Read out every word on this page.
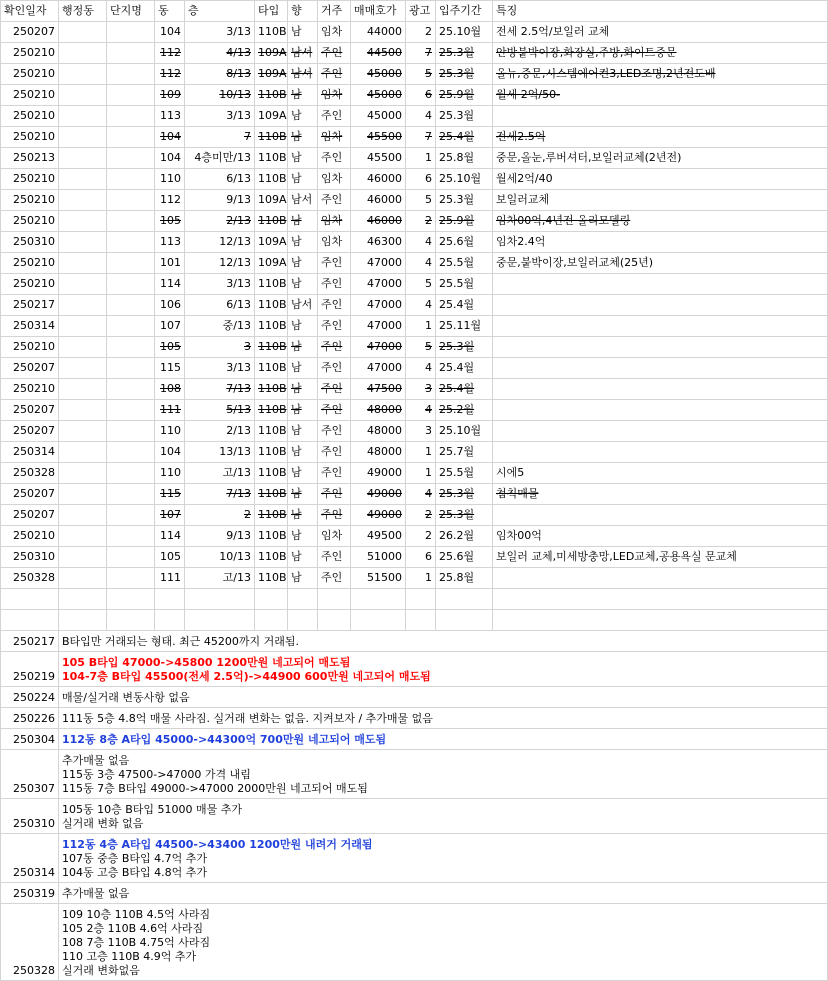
확인일자	행정동	단지명	동	층	타입	향	거주	매매호가	광고	입주기간	특징
250207			104	3/13	110B	남	임차	44000	2	25.10월	전세 2.5억/보일러 교체
250210			112	4/13	109A	남서	주인	44500	7	25.3월	안방붙박이장,화장실,주방,화이트중문
250210			112	8/13	109A	남서	주인	45000	5	25.3월	올뉴,중문,시스템에어컨3,LED조명,2년전도배
250210			109	10/13	110B	남	임차	45000	6	25.9월	월세 2억/50-
250210			113	3/13	109A	남	주인	45000	4	25.3월	
250210			104	7	110B	남	임차	45500	7	25.4월	전세2.5억
250213			104	4층미만/13	110B	남	주인	45500	1	25.8월	중문,올눈,루버셔터,보일러교체(2년전)
250210			110	6/13	110B	남	임차	46000	6	25.10월	월세2억/40
250210			112	9/13	109A	남서	주인	46000	5	25.3월	보일러교체
250210			105	2/13	110B	남	임차	46000	2	25.9월	임차00억,4년전 올리모델링
250310			113	12/13	109A	남	임차	46300	4	25.6월	임차2.4억
250210			101	12/13	109A	남	주인	47000	4	25.5월	중문,붙박이장,보일러교체(25년)
250210			114	3/13	110B	남	주인	47000	5	25.5월	
250217			106	6/13	110B	남서	주인	47000	4	25.4월	
250314			107	중/13	110B	남	주인	47000	1	25.11월	
250210			105	3	110B	남	주인	47000	5	25.3월	
250207			115	3/13	110B	남	주인	47000	4	25.4월	
250210			108	7/13	110B	남	주인	47500	3	25.4월	
250207			111	5/13	110B	남	주인	48000	4	25.2월	
250207			110	2/13	110B	남	주인	48000	3	25.10월	
250314			104	13/13	110B	남	주인	48000	1	25.7월	
250328			110	고/13	110B	남	주인	49000	1	25.5월	시에5
250207			115	7/13	110B	남	주인	49000	4	25.3월	첨칙매물
250207			107	2	110B	남	주인	49000	2	25.3월	
250210			114	9/13	110B	남	임차	49500	2	26.2월	임차00억
250310			105	10/13	110B	남	주인	51000	6	25.6월	보일러 교체,미세방충망,LED교체,공용욕실 문교체
250328			111	고/13	110B	남	주인	51500	1	25.8월	

250217	B타입만 거래되는 형태. 최근 45200까지 거래됨.										

250219	105 B타입 47000->45800 1200만원 네고되어 매도됨
104-7층 B타입 45500(전세 2.5억)->44900 600만원 네고되어 매도됨										

250224	매물/실거래 변동사항 없음										

250226	111동 5층 4.8억 매물 사라짐. 실거래 변화는 없음. 지켜보자 / 추가매물 없음										

250304	112동 8층 A타입 45000->44300억 700만원 네고되어 매도됨										

250307	추가매물 없음
115동 3층 47500->47000 가격 내림
115동 7층 B타입 49000->47000 2000만원 네고되어 매도됨										

250310	105동 10층 B타입 51000 매물 추가
실거래 변화 없음										

250314	112동 4층 A타입 44500->43400 1200만원 내려거 거래됨
107동 중층 B타입 4.7억 추가
104동 고층 B타입 4.8억 추가										

250319	추가매물 없음										

250328	109 10층 110B 4.5억 사라짐
105 2층 110B 4.6억 사라짐
108 7층 110B 4.75억 사라짐
110 고층 110B 4.9억 추가
실거래 변화없음										
